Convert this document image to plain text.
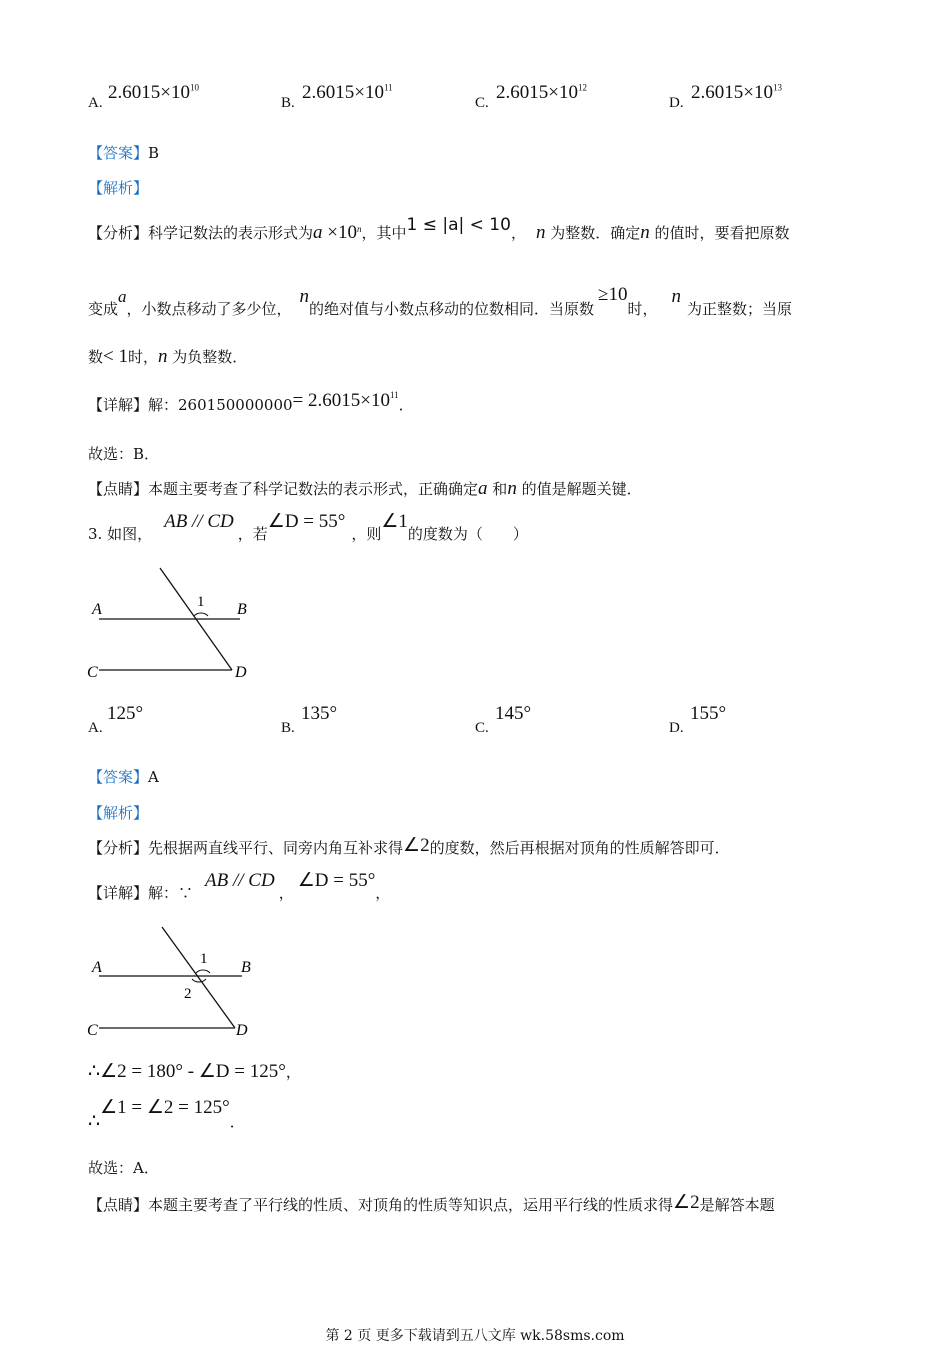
A. $2.6015\times 10^{10}$
B. $2.6015\times 10^{11}$
C. $2.6015\times 10^{12}$
D. $2.6015\times 10^{13}$
【答案】B
【解析】
【分析】科学记数法的表示形式为$a \times 10^n$，其中1 ≤ |a| < 10， n 为整数．确定n 的值时，要看把原数
变成a，小数点移动了多少位，n的绝对值与小数点移动的位数相同．当原数≥10时，n为正整数；当原
数< 1时，n 为负整数．
【详解】解：$260150000000= 2.6015\times 10^{11}$．
故选：B．
【点睛】本题主要考查了科学记数法的表示形式，正确确定a 和n 的值是解题关键．
3. 如图，AB // CD，若∠D = 55°，则∠1的度数为（　　）
A	B
C	D
1
A.
125°
B.
135°
C.
145°
D.
155°
【答案】A
【解析】
【分析】先根据两直线平行、同旁内角互补求得∠2的度数，然后再根据对顶角的性质解答即可．
【详解】解：∵AB // CD，∠D = 55°，
A	B
C	D
1
2
∴∠2 = 180° - ∠D = 125°，
∴∠1 = ∠2 = 125°．
故选：A．
【点睛】本题主要考查了平行线的性质、对顶角的性质等知识点，运用平行线的性质求得∠2是解答本题
第 2 页 更多下载请到五八文库 wk.58sms.com
